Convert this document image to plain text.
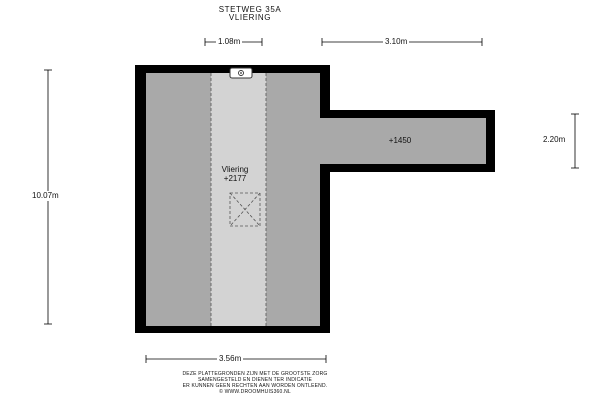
STETWEG 35A
VLIERING
1.08m	3.10m
10.07m
2.20m
3.56m
Vliering
+2177
+1450
DEZE PLATTEGRONDEN ZIJN MET DE GROOTSTE ZORG
SAMENGESTELD EN DIENEN TER INDICATIE
ER KUNNEN GEEN RECHTEN AAN WORDEN ONTLEEND.
© WWW.DROOMHUIS360.NL
